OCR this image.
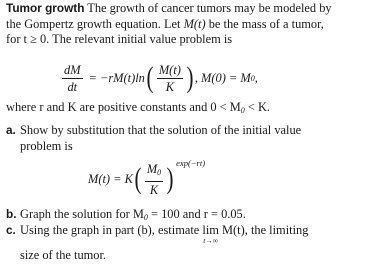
Tumor growth The growth of cancer tumors may be modeled by
the Gompertz growth equation. Let M(t) be the mass of a tumor,
for t ≥ 0. The relevant initial value problem is
$\frac{dM}{dt} = -rM(t)\ln$ ( $\frac{M(t)}{K}$ ) , M(0) = M 0 ,
where r and K are positive constants and $0 < M_0 < K$.
a. Show by substitution that the solution of the initial value
problem is
M(t) = K ( $\frac{M_0}{K}$ ) exp(−rt)
b. Graph the solution for $M_0 = 100$ and r = 0.05.
c. Using the graph in part (b), estimate lim
t→∞
M(t), the limiting
size of the tumor.
